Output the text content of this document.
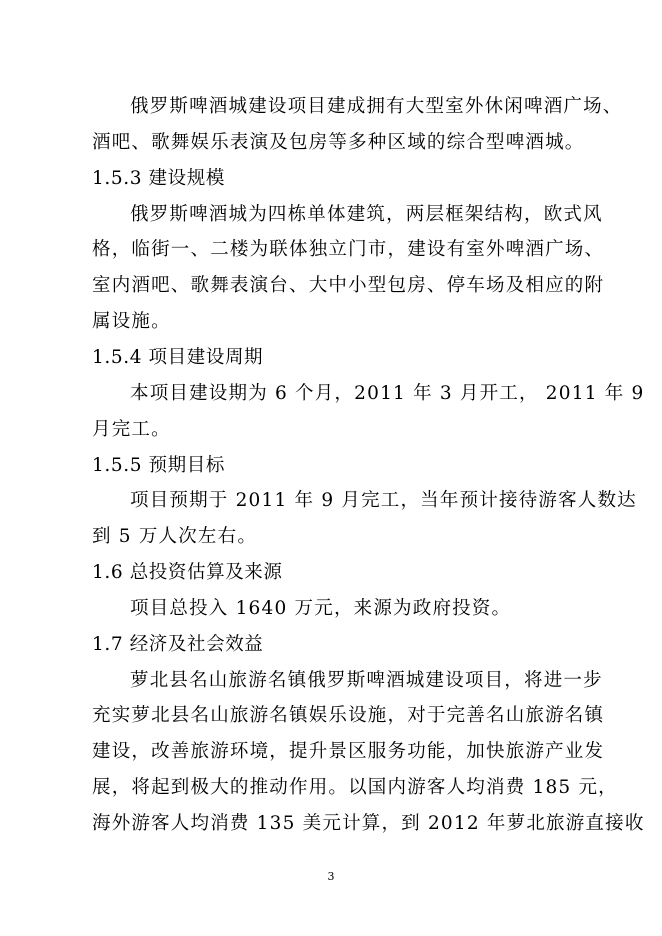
俄罗斯啤酒城建设项目建成拥有大型室外休闲啤酒广场、
酒吧、歌舞娱乐表演及包房等多种区域的综合型啤酒城。
1.5.3 建设规模
俄罗斯啤酒城为四栋单体建筑，两层框架结构，欧式风
格，临街一、二楼为联体独立门市，建设有室外啤酒广场、
室内酒吧、歌舞表演台、大中小型包房、停车场及相应的附
属设施。
1.5.4 项目建设周期
本项目建设期为 6 个月，2011 年 3 月开工， 2011 年 9
月完工。
1.5.5 预期目标
项目预期于 2011 年 9 月完工，当年预计接待游客人数达
到 5 万人次左右。
1.6 总投资估算及来源
项目总投入 1640 万元，来源为政府投资。
1.7 经济及社会效益
萝北县名山旅游名镇俄罗斯啤酒城建设项目，将进一步
充实萝北县名山旅游名镇娱乐设施，对于完善名山旅游名镇
建设，改善旅游环境，提升景区服务功能，加快旅游产业发
展，将起到极大的推动作用。以国内游客人均消费 185 元，
海外游客人均消费 135 美元计算，到 2012 年萝北旅游直接收
3
